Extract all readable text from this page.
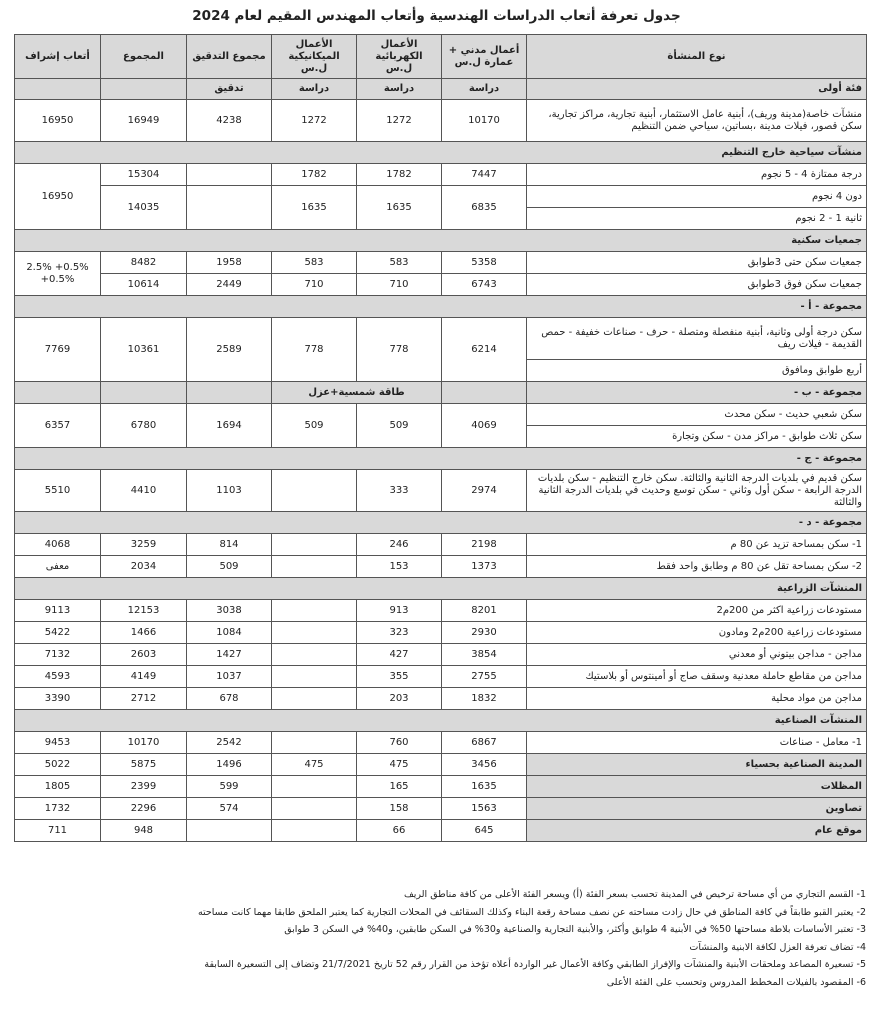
جدول تعرفة أتعاب الدراسات الهندسية وأتعاب المهندس المقيم لعام 2024
نوع المنشأة	أعمال مدني + عمارة ل.س	الأعمال الكهربائية ل.س	الأعمال الميكانيكية ل.س	مجموع التدقيق	المجموع	أتعاب إشراف
فئة أولى	دراسة	دراسة	دراسة	تدقيق		
منشآت خاصة(مدينة وريف)، أبنية عامل الاستثمار، أبنية تجارية، مراكز تجارية، سكن قصور، فيلات مدينة ،بساتين، سياحي ضمن التنظيم	10170	1272	1272	4238	16949	16950
منشآت سياحية خارج التنظيم						
درجة ممتازة 4 - 5 نجوم	7447	1782	1782		15304	16950
دون 4 نجوم	6835	1635	1635		14035	
ثانية 1 - 2 نجوم						
جمعيات سكنية						
جمعيات سكن حتى 3طوابق	5358	583	583	1958	8482	0.5%+ 2.5% 0.5%+
جمعيات سكن فوق 3طوابق	6743	710	710	2449	10614	
مجموعة - أ -						
سكن درجة أولى وثانية، أبنية منفصلة ومتصلة - حرف - صناعات خفيفة - حمص القديمة - فيلات ريف	6214	778	778	2589	10361	7769
أربع طوابق ومافوق						
مجموعة - ب -		طاقة شمسية+عزل				
سكن شعبي حديث - سكن محدث	4069	509	509	1694	6780	6357
سكن ثلاث طوابق - مراكز مدن - سكن وتجارة						
مجموعة - ج -						
سكن قديم في بلديات الدرجة الثانية والثالثة. سكن خارج التنظيم - سكن بلديات الدرجة الرابعة - سكن أول وثاني - سكن توسع وحديث في بلديات الدرجة الثانية والثالثة	2974	333		1103	4410	5510
مجموعة - د -						
1- سكن بمساحة تزيد عن 80 م	2198	246		814	3259	4068
2- سكن بمساحة تقل عن 80 م وطابق واحد فقط	1373	153		509	2034	معفى
المنشآت الزراعية						
مستودعات زراعية اكثر من 200م2	8201	913		3038	12153	9113
مستودعات زراعية 200م2 ومادون	2930	323		1084	1466	5422
مداجن - مداجن بيتوني أو معدني	3854	427		1427	2603	7132
مداجن من مقاطع حاملة معدنية وسقف صاج أو أمينتوس أو بلاستيك	2755	355		1037	4149	4593
مداجن من مواد محلية	1832	203		678	2712	3390
المنشآت الصناعية						
1- معامل - صناعات	6867	760		2542	10170	9453
المدينة الصناعية بحسياء	3456	475	475	1496	5875	5022
المظلات	1635	165		599	2399	1805
تصاوين	1563	158		574	2296	1732
موقع عام	645	66			948	711
1- القسم التجاري من أي مساحة ترخيص في المدينة تحسب بسعر الفئة (أ) ويسعر الفئة الأعلى من كافة مناطق الريف
2- يعتبر القبو طابقاً في كافة المناطق في حال زادت مساحته عن نصف مساحة رقعة البناء وكذلك السقائف في المحلات التجارية كما يعتبر الملحق طابقا مهما كانت مساحته
3- تعتبر الأساسات بلاطة مساحتها 50% في الأبنية 4 طوابق وأكثر، والأبنية التجارية والصناعية و30% في السكن طابقين، و40% في السكن 3 طوابق
4- تضاف تعرفة العزل لكافة الابنية والمنشآت
5- تسعيرة المصاعد وملحقات الأبنية والمنشآت والإفراز الطابقي وكافة الأعمال غير الواردة أعلاه تؤخذ من القرار رقم 52 تاريخ 21/7/2021 وتضاف إلى التسعيرة السابقة
6- المقصود بالفيلات المخطط المدروس وتحسب على الفئة الأعلى
